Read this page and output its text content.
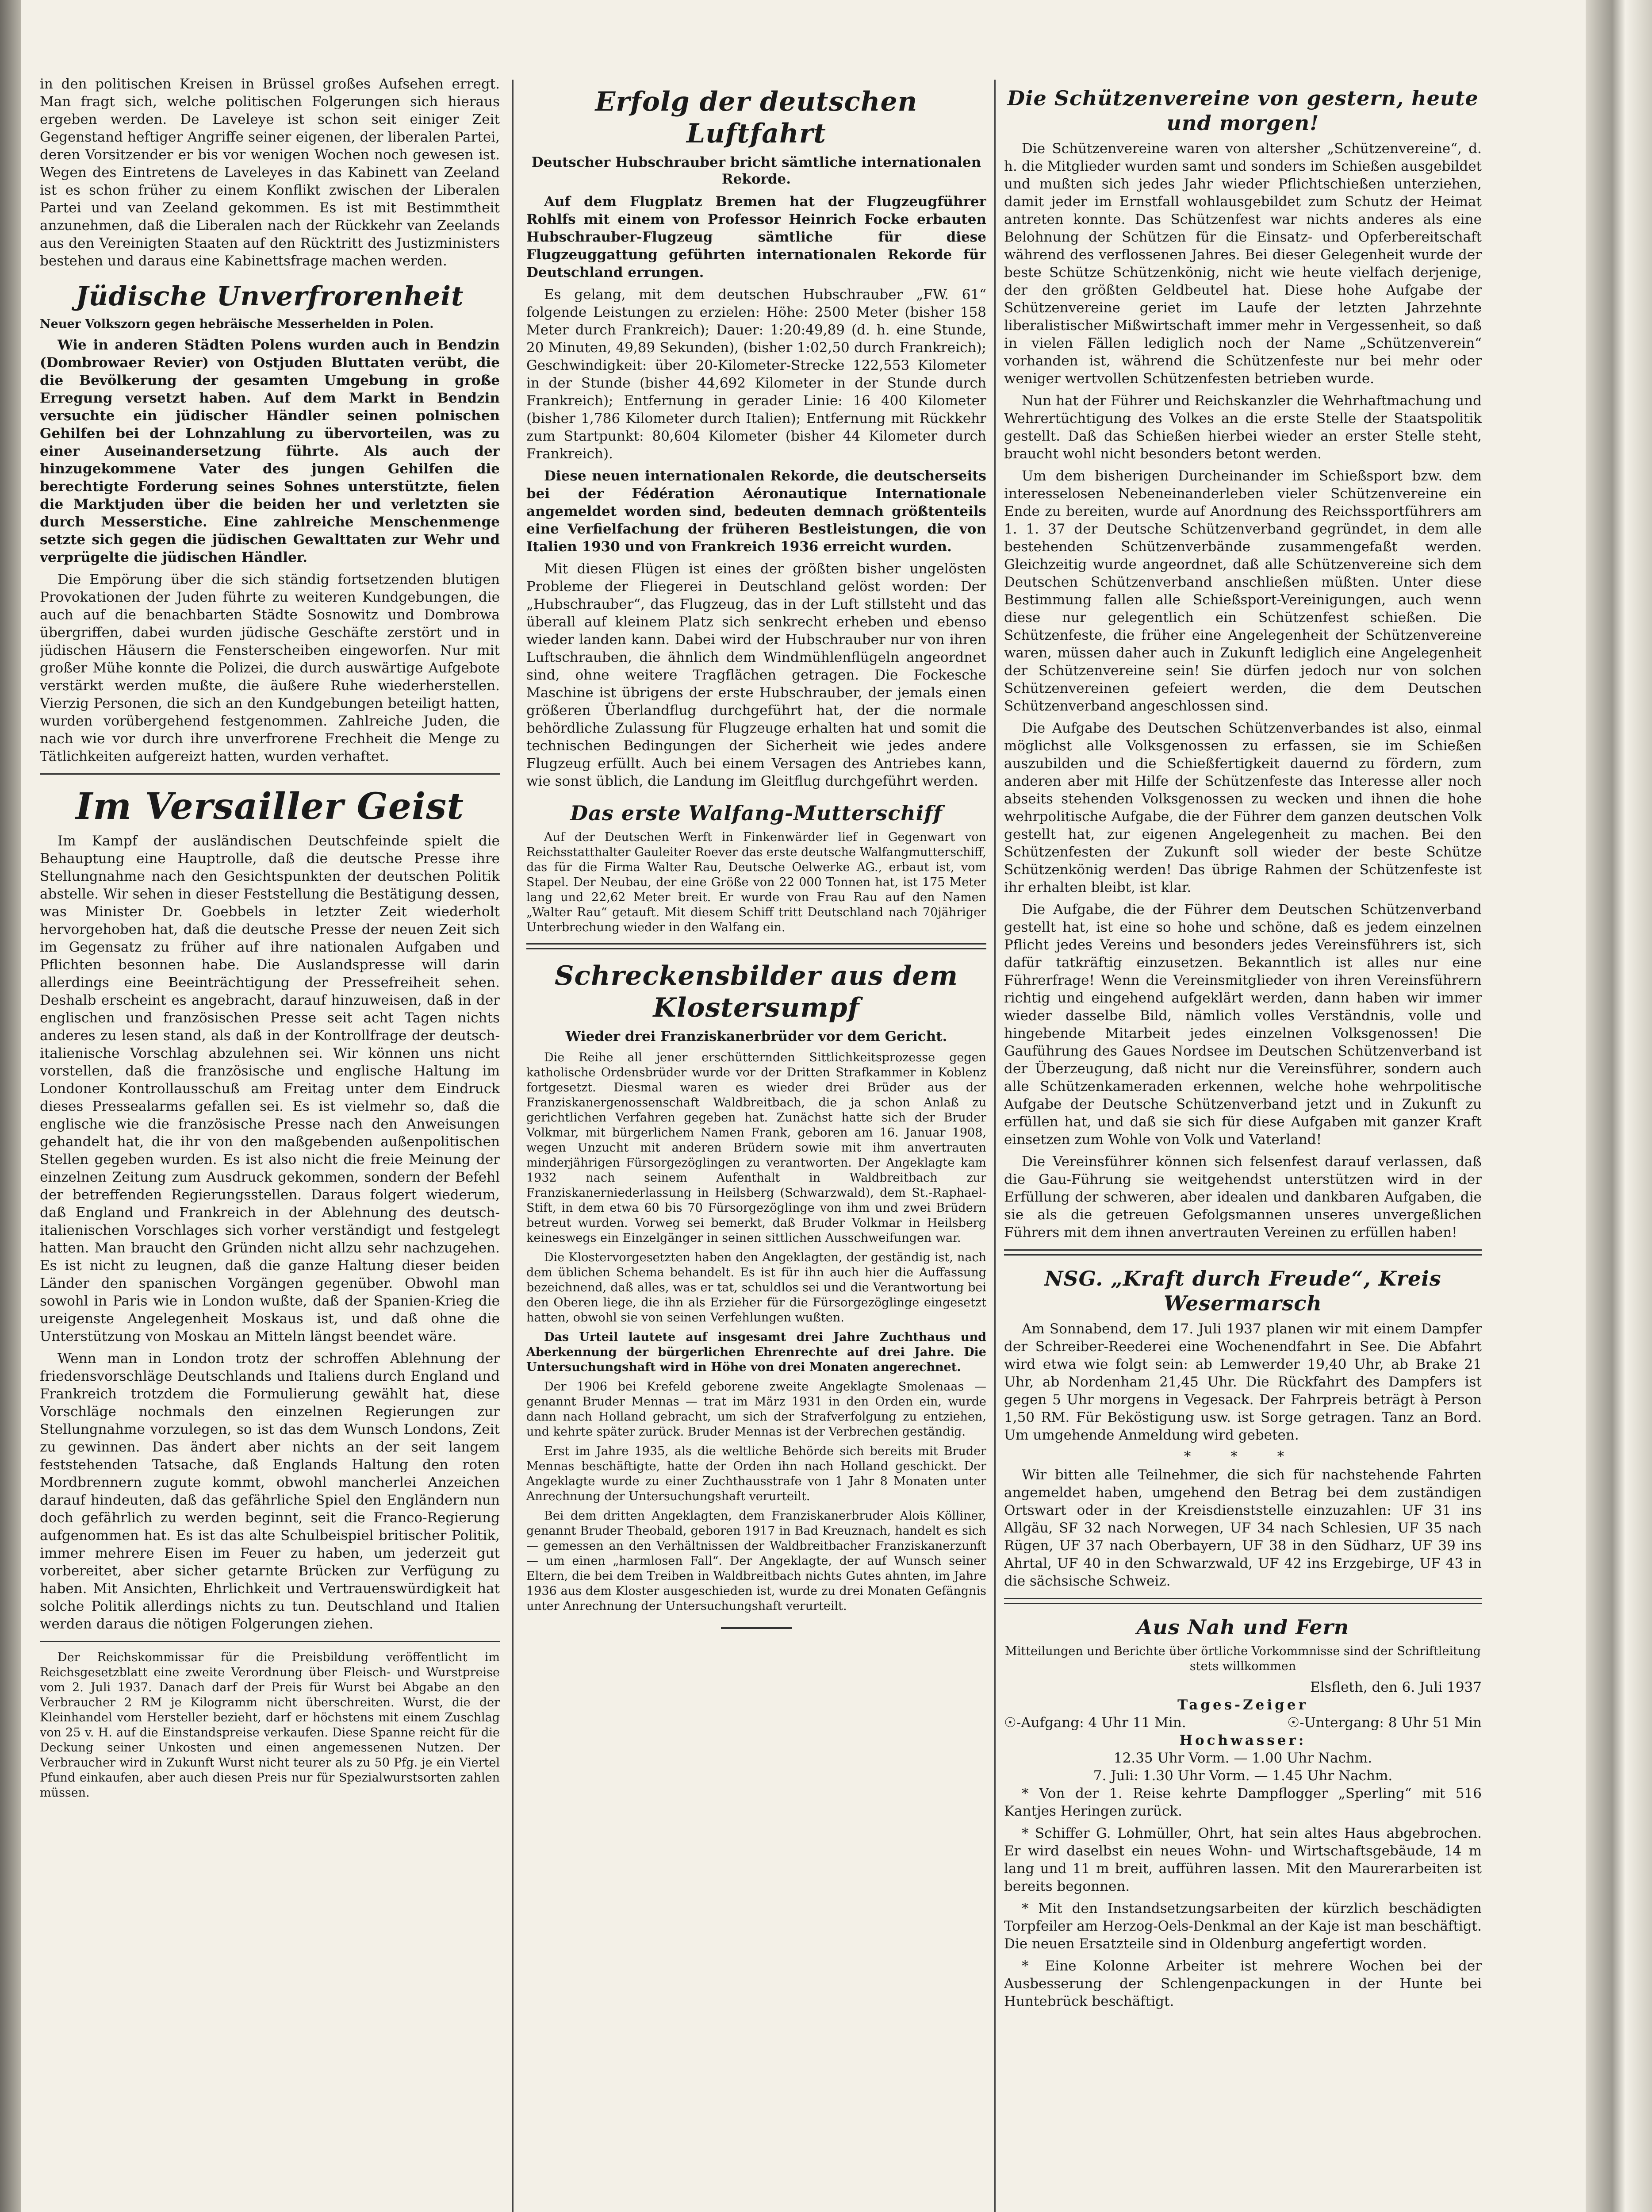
in den politischen Kreisen in Brüssel großes Aufsehen erregt. Man fragt sich, welche politischen Folgerungen sich hieraus ergeben werden. De Laveleye ist schon seit einiger Zeit Gegenstand heftiger Angriffe seiner eigenen, der liberalen Partei, deren Vorsitzender er bis vor wenigen Wochen noch gewesen ist. Wegen des Eintretens de Laveleyes in das Kabinett van Zeeland ist es schon früher zu einem Konflikt zwischen der Liberalen Partei und van Zeeland gekommen. Es ist mit Bestimmtheit anzunehmen, daß die Liberalen nach der Rückkehr van Zeelands aus den Vereinigten Staaten auf den Rücktritt des Justizministers bestehen und daraus eine Kabinettsfrage machen werden.

Jüdische Unverfrorenheit

Neuer Volkszorn gegen hebräische Messerhelden in Polen.

Wie in anderen Städten Polens wurden auch in Bendzin (Dombrowaer Revier) von Ostjuden Bluttaten verübt, die die Bevölkerung der gesamten Umgebung in große Erregung versetzt haben. Auf dem Markt in Bendzin versuchte ein jüdischer Händler seinen polnischen Gehilfen bei der Lohnzahlung zu übervorteilen, was zu einer Auseinandersetzung führte. Als auch der hinzugekommene Vater des jungen Gehilfen die berechtigte Forderung seines Sohnes unterstützte, fielen die Marktjuden über die beiden her und verletzten sie durch Messerstiche. Eine zahlreiche Menschenmenge setzte sich gegen die jüdischen Gewalttaten zur Wehr und verprügelte die jüdischen Händler.

Die Empörung über die sich ständig fortsetzenden blutigen Provokationen der Juden führte zu weiteren Kundgebungen, die auch auf die benachbarten Städte Sosnowitz und Dombrowa übergriffen, dabei wurden jüdische Geschäfte zerstört und in jüdischen Häusern die Fensterscheiben eingeworfen. Nur mit großer Mühe konnte die Polizei, die durch auswärtige Aufgebote verstärkt werden mußte, die äußere Ruhe wiederherstellen. Vierzig Personen, die sich an den Kundgebungen beteiligt hatten, wurden vorübergehend festgenommen. Zahlreiche Juden, die nach wie vor durch ihre unverfrorene Frechheit die Menge zu Tätlichkeiten aufgereizt hatten, wurden verhaftet.

Im Versailler Geist

Im Kampf der ausländischen Deutschfeinde spielt die Behauptung eine Hauptrolle, daß die deutsche Presse ihre Stellungnahme nach den Gesichtspunkten der deutschen Politik abstelle. Wir sehen in dieser Feststellung die Bestätigung dessen, was Minister Dr. Goebbels in letzter Zeit wiederholt hervorgehoben hat, daß die deutsche Presse der neuen Zeit sich im Gegensatz zu früher auf ihre nationalen Aufgaben und Pflichten besonnen habe. Die Auslandspresse will darin allerdings eine Beeinträchtigung der Pressefreiheit sehen. Deshalb erscheint es angebracht, darauf hinzuweisen, daß in der englischen und französischen Presse seit acht Tagen nichts anderes zu lesen stand, als daß in der Kontrollfrage der deutsch-italienische Vorschlag abzulehnen sei. Wir können uns nicht vorstellen, daß die französische und englische Haltung im Londoner Kontrollausschuß am Freitag unter dem Eindruck dieses Pressealarms gefallen sei. Es ist vielmehr so, daß die englische wie die französische Presse nach den Anweisungen gehandelt hat, die ihr von den maßgebenden außenpolitischen Stellen gegeben wurden. Es ist also nicht die freie Meinung der einzelnen Zeitung zum Ausdruck gekommen, sondern der Befehl der betreffenden Regierungsstellen. Daraus folgert wiederum, daß England und Frankreich in der Ablehnung des deutsch-italienischen Vorschlages sich vorher verständigt und festgelegt hatten. Man braucht den Gründen nicht allzu sehr nachzugehen. Es ist nicht zu leugnen, daß die ganze Haltung dieser beiden Länder den spanischen Vorgängen gegenüber. Obwohl man sowohl in Paris wie in London wußte, daß der Spanien-Krieg die ureigenste Angelegenheit Moskaus ist, und daß ohne die Unterstützung von Moskau an Mitteln längst beendet wäre.

Wenn man in London trotz der schroffen Ablehnung der friedensvorschläge Deutschlands und Italiens durch England und Frankreich trotzdem die Formulierung gewählt hat, diese Vorschläge nochmals den einzelnen Regierungen zur Stellungnahme vorzulegen, so ist das dem Wunsch Londons, Zeit zu gewinnen. Das ändert aber nichts an der seit langem feststehenden Tatsache, daß Englands Haltung den roten Mordbrennern zugute kommt, obwohl mancherlei Anzeichen darauf hindeuten, daß das gefährliche Spiel den Engländern nun doch gefährlich zu werden beginnt, seit die Franco-Regierung aufgenommen hat. Es ist das alte Schulbeispiel britischer Politik, immer mehrere Eisen im Feuer zu haben, um jederzeit gut vorbereitet, aber sicher getarnte Brücken zur Verfügung zu haben. Mit Ansichten, Ehrlichkeit und Vertrauenswürdigkeit hat solche Politik allerdings nichts zu tun. Deutschland und Italien werden daraus die nötigen Folgerungen ziehen.

Der Reichskommissar für die Preisbildung veröffentlicht im Reichsgesetzblatt eine zweite Verordnung über Fleisch- und Wurstpreise vom 2. Juli 1937. Danach darf der Preis für Wurst bei Abgabe an den Verbraucher 2 RM je Kilogramm nicht überschreiten. Wurst, die der Kleinhandel vom Hersteller bezieht, darf er höchstens mit einem Zuschlag von 25 v. H. auf die Einstandspreise verkaufen. Diese Spanne reicht für die Deckung seiner Unkosten und einen angemessenen Nutzen. Der Verbraucher wird in Zukunft Wurst nicht teurer als zu 50 Pfg. je ein Viertel Pfund einkaufen, aber auch diesen Preis nur für Spezialwurstsorten zahlen müssen.

Erfolg der deutschen Luftfahrt

Deutscher Hubschrauber bricht sämtliche internationalen Rekorde.

Auf dem Flugplatz Bremen hat der Flugzeugführer Rohlfs mit einem von Professor Heinrich Focke erbauten Hubschrauber-Flugzeug sämtliche für diese Flugzeuggattung geführten internationalen Rekorde für Deutschland errungen.

Es gelang, mit dem deutschen Hubschrauber „FW. 61“ folgende Leistungen zu erzielen: Höhe: 2500 Meter (bisher 158 Meter durch Frankreich); Dauer: 1:20:49,89 (d. h. eine Stunde, 20 Minuten, 49,89 Sekunden), (bisher 1:02,50 durch Frankreich); Geschwindigkeit: über 20-Kilometer-Strecke 122,553 Kilometer in der Stunde (bisher 44,692 Kilometer in der Stunde durch Frankreich); Entfernung in gerader Linie: 16 400 Kilometer (bisher 1,786 Kilometer durch Italien); Entfernung mit Rückkehr zum Startpunkt: 80,604 Kilometer (bisher 44 Kilometer durch Frankreich).

Diese neuen internationalen Rekorde, die deutscherseits bei der Fédération Aéronautique Internationale angemeldet worden sind, bedeuten demnach größtenteils eine Verfielfachung der früheren Bestleistungen, die von Italien 1930 und von Frankreich 1936 erreicht wurden.

Mit diesen Flügen ist eines der größten bisher ungelösten Probleme der Fliegerei in Deutschland gelöst worden: Der „Hubschrauber“, das Flugzeug, das in der Luft stillsteht und das überall auf kleinem Platz sich senkrecht erheben und ebenso wieder landen kann. Dabei wird der Hubschrauber nur von ihren Luftschrauben, die ähnlich dem Windmühlenflügeln angeordnet sind, ohne weitere Tragflächen getragen. Die Fockesche Maschine ist übrigens der erste Hubschrauber, der jemals einen größeren Überlandflug durchgeführt hat, der die normale behördliche Zulassung für Flugzeuge erhalten hat und somit die technischen Bedingungen der Sicherheit wie jedes andere Flugzeug erfüllt. Auch bei einem Versagen des Antriebes kann, wie sonst üblich, die Landung im Gleitflug durchgeführt werden.

Das erste Walfang-Mutterschiff

Auf der Deutschen Werft in Finkenwärder lief in Gegenwart von Reichsstatthalter Gauleiter Roever das erste deutsche Walfangmutterschiff, das für die Firma Walter Rau, Deutsche Oelwerke AG., erbaut ist, vom Stapel. Der Neubau, der eine Größe von 22 000 Tonnen hat, ist 175 Meter lang und 22,62 Meter breit. Er wurde von Frau Rau auf den Namen „Walter Rau“ getauft. Mit diesem Schiff tritt Deutschland nach 70jähriger Unterbrechung wieder in den Walfang ein.

Schreckensbilder aus dem Klostersumpf

Wieder drei Franziskanerbrüder vor dem Gericht.

Die Reihe all jener erschütternden Sittlichkeitsprozesse gegen katholische Ordensbrüder wurde vor der Dritten Strafkammer in Koblenz fortgesetzt. Diesmal waren es wieder drei Brüder aus der Franziskanergenossenschaft Waldbreitbach, die ja schon Anlaß zu gerichtlichen Verfahren gegeben hat. Zunächst hatte sich der Bruder Volkmar, mit bürgerlichem Namen Frank, geboren am 16. Januar 1908, wegen Unzucht mit anderen Brüdern sowie mit ihm anvertrauten minderjährigen Fürsorgezöglingen zu verantworten. Der Angeklagte kam 1932 nach seinem Aufenthalt in Waldbreitbach zur Franziskanerniederlassung in Heilsberg (Schwarzwald), dem St.-Raphael-Stift, in dem etwa 60 bis 70 Fürsorgezöglinge von ihm und zwei Brüdern betreut wurden. Vorweg sei bemerkt, daß Bruder Volkmar in Heilsberg keineswegs ein Einzelgänger in seinen sittlichen Ausschweifungen war.

Die Klostervorgesetzten haben den Angeklagten, der geständig ist, nach dem üblichen Schema behandelt. Es ist für ihn auch hier die Auffassung bezeichnend, daß alles, was er tat, schuldlos sei und die Verantwortung bei den Oberen liege, die ihn als Erzieher für die Fürsorgezöglinge eingesetzt hatten, obwohl sie von seinen Verfehlungen wußten.

Das Urteil lautete auf insgesamt drei Jahre Zuchthaus und Aberkennung der bürgerlichen Ehrenrechte auf drei Jahre. Die Untersuchungshaft wird in Höhe von drei Monaten angerechnet.

Der 1906 bei Krefeld geborene zweite Angeklagte Smolenaas — genannt Bruder Mennas — trat im März 1931 in den Orden ein, wurde dann nach Holland gebracht, um sich der Strafverfolgung zu entziehen, und kehrte später zurück. Bruder Mennas ist der Verbrechen geständig.

Erst im Jahre 1935, als die weltliche Behörde sich bereits mit Bruder Mennas beschäftigte, hatte der Orden ihn nach Holland geschickt. Der Angeklagte wurde zu einer Zuchthausstrafe von 1 Jahr 8 Monaten unter Anrechnung der Untersuchungshaft verurteilt.

Bei dem dritten Angeklagten, dem Franziskanerbruder Alois Kölliner, genannt Bruder Theobald, geboren 1917 in Bad Kreuznach, handelt es sich — gemessen an den Verhältnissen der Waldbreitbacher Franziskanerzunft — um einen „harmlosen Fall“. Der Angeklagte, der auf Wunsch seiner Eltern, die bei dem Treiben in Waldbreitbach nichts Gutes ahnten, im Jahre 1936 aus dem Kloster ausgeschieden ist, wurde zu drei Monaten Gefängnis unter Anrechnung der Untersuchungshaft verurteilt.

Die Schützenvereine von gestern, heute und morgen!

Die Schützenvereine waren von altersher „Schützenvereine“, d. h. die Mitglieder wurden samt und sonders im Schießen ausgebildet und mußten sich jedes Jahr wieder Pflichtschießen unterziehen, damit jeder im Ernstfall wohlausgebildet zum Schutz der Heimat antreten konnte. Das Schützenfest war nichts anderes als eine Belohnung der Schützen für die Einsatz- und Opferbereitschaft während des verflossenen Jahres. Bei dieser Gelegenheit wurde der beste Schütze Schützenkönig, nicht wie heute vielfach derjenige, der den größten Geldbeutel hat. Diese hohe Aufgabe der Schützenvereine geriet im Laufe der letzten Jahrzehnte liberalistischer Mißwirtschaft immer mehr in Vergessenheit, so daß in vielen Fällen lediglich noch der Name „Schützenverein“ vorhanden ist, während die Schützenfeste nur bei mehr oder weniger wertvollen Schützenfesten betrieben wurde.

Nun hat der Führer und Reichskanzler die Wehrhaftmachung und Wehrertüchtigung des Volkes an die erste Stelle der Staatspolitik gestellt. Daß das Schießen hierbei wieder an erster Stelle steht, braucht wohl nicht besonders betont werden.

Um dem bisherigen Durcheinander im Schießsport bzw. dem interesselosen Nebeneinanderleben vieler Schützenvereine ein Ende zu bereiten, wurde auf Anordnung des Reichssportführers am 1. 1. 37 der Deutsche Schützenverband gegründet, in dem alle bestehenden Schützenverbände zusammengefaßt werden. Gleichzeitig wurde angeordnet, daß alle Schützenvereine sich dem Deutschen Schützenverband anschließen müßten. Unter diese Bestimmung fallen alle Schießsport-Vereinigungen, auch wenn diese nur gelegentlich ein Schützenfest schießen. Die Schützenfeste, die früher eine Angelegenheit der Schützenvereine waren, müssen daher auch in Zukunft lediglich eine Angelegenheit der Schützenvereine sein! Sie dürfen jedoch nur von solchen Schützenvereinen gefeiert werden, die dem Deutschen Schützenverband angeschlossen sind.

Die Aufgabe des Deutschen Schützenverbandes ist also, einmal möglichst alle Volksgenossen zu erfassen, sie im Schießen auszubilden und die Schießfertigkeit dauernd zu fördern, zum anderen aber mit Hilfe der Schützenfeste das Interesse aller noch abseits stehenden Volksgenossen zu wecken und ihnen die hohe wehrpolitische Aufgabe, die der Führer dem ganzen deutschen Volk gestellt hat, zur eigenen Angelegenheit zu machen. Bei den Schützenfesten der Zukunft soll wieder der beste Schütze Schützenkönig werden! Das übrige Rahmen der Schützenfeste ist ihr erhalten bleibt, ist klar.

Die Aufgabe, die der Führer dem Deutschen Schützenverband gestellt hat, ist eine so hohe und schöne, daß es jedem einzelnen Pflicht jedes Vereins und besonders jedes Vereinsführers ist, sich dafür tatkräftig einzusetzen. Bekanntlich ist alles nur eine Führerfrage! Wenn die Vereinsmitglieder von ihren Vereinsführern richtig und eingehend aufgeklärt werden, dann haben wir immer wieder dasselbe Bild, nämlich volles Verständnis, volle und hingebende Mitarbeit jedes einzelnen Volksgenossen! Die Gauführung des Gaues Nordsee im Deutschen Schützenverband ist der Überzeugung, daß nicht nur die Vereinsführer, sondern auch alle Schützenkameraden erkennen, welche hohe wehrpolitische Aufgabe der Deutsche Schützenverband jetzt und in Zukunft zu erfüllen hat, und daß sie sich für diese Aufgaben mit ganzer Kraft einsetzen zum Wohle von Volk und Vaterland!

Die Vereinsführer können sich felsenfest darauf verlassen, daß die Gau-Führung sie weitgehendst unterstützen wird in der Erfüllung der schweren, aber idealen und dankbaren Aufgaben, die sie als die getreuen Gefolgsmannen unseres unvergeßlichen Führers mit dem ihnen anvertrauten Vereinen zu erfüllen haben!

NSG. „Kraft durch Freude“, Kreis Wesermarsch

Am Sonnabend, dem 17. Juli 1937 planen wir mit einem Dampfer der Schreiber-Reederei eine Wochenendfahrt in See. Die Abfahrt wird etwa wie folgt sein: ab Lemwerder 19,40 Uhr, ab Brake 21 Uhr, ab Nordenham 21,45 Uhr. Die Rückfahrt des Dampfers ist gegen 5 Uhr morgens in Vegesack. Der Fahrpreis beträgt à Person 1,50 RM. Für Beköstigung usw. ist Sorge getragen. Tanz an Bord. Um umgehende Anmeldung wird gebeten.

* * *

Wir bitten alle Teilnehmer, die sich für nachstehende Fahrten angemeldet haben, umgehend den Betrag bei dem zuständigen Ortswart oder in der Kreisdienststelle einzuzahlen: UF 31 ins Allgäu, SF 32 nach Norwegen, UF 34 nach Schlesien, UF 35 nach Rügen, UF 37 nach Oberbayern, UF 38 in den Südharz, UF 39 ins Ahrtal, UF 40 in den Schwarzwald, UF 42 ins Erzgebirge, UF 43 in die sächsische Schweiz.

Aus Nah und Fern

Mitteilungen und Berichte über örtliche Vorkommnisse sind der Schriftleitung stets willkommen

Elsfleth, den 6. Juli 1937
Tages-Zeiger
☉-Aufgang: 4 Uhr 11 Min.	☉-Untergang: 8 Uhr 51 Min
Hochwasser:
12.35 Uhr Vorm. — 1.00 Uhr Nachm.
7. Juli: 1.30 Uhr Vorm. — 1.45 Uhr Nachm.

* Von der 1. Reise kehrte Dampflogger „Sperling“ mit 516 Kantjes Heringen zurück.

* Schiffer G. Lohmüller, Ohrt, hat sein altes Haus abgebrochen. Er wird daselbst ein neues Wohn- und Wirtschaftsgebäude, 14 m lang und 11 m breit, aufführen lassen. Mit den Maurerarbeiten ist bereits begonnen.

* Mit den Instandsetzungsarbeiten der kürzlich beschädigten Torpfeiler am Herzog-Oels-Denkmal an der Kaje ist man beschäftigt. Die neuen Ersatzteile sind in Oldenburg angefertigt worden.

* Eine Kolonne Arbeiter ist mehrere Wochen bei der Ausbesserung der Schlengenpackungen in der Hunte bei Huntebrück beschäftigt.
